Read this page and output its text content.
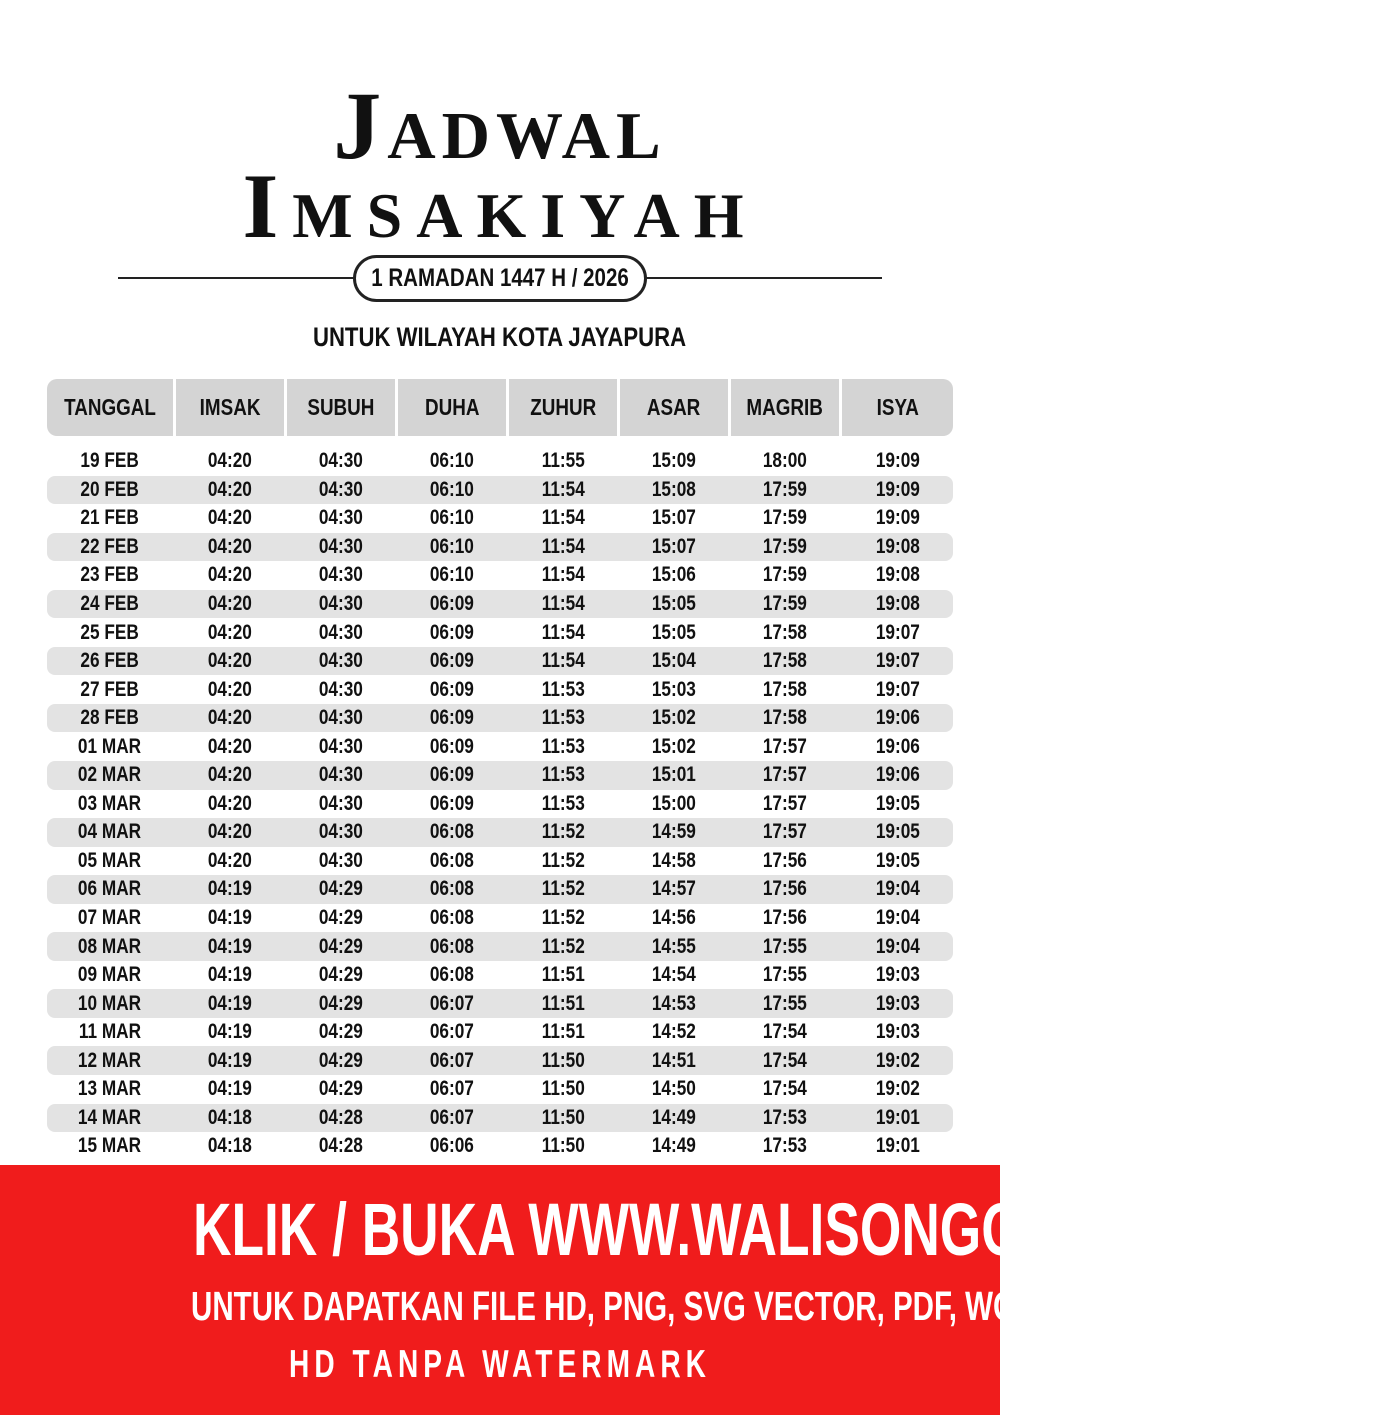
Jadwal
Imsakiyah
1 RAMADAN 1447 H / 2026
UNTUK WILAYAH KOTA JAYAPURA
TANGGAL IMSAK SUBUH DUHA ZUHUR ASAR MAGRIB ISYA
19 FEB	04:20	04:30	06:10	11:55	15:09	18:00	19:09
20 FEB	04:20	04:30	06:10	11:54	15:08	17:59	19:09
21 FEB	04:20	04:30	06:10	11:54	15:07	17:59	19:09
22 FEB	04:20	04:30	06:10	11:54	15:07	17:59	19:08
23 FEB	04:20	04:30	06:10	11:54	15:06	17:59	19:08
24 FEB	04:20	04:30	06:09	11:54	15:05	17:59	19:08
25 FEB	04:20	04:30	06:09	11:54	15:05	17:58	19:07
26 FEB	04:20	04:30	06:09	11:54	15:04	17:58	19:07
27 FEB	04:20	04:30	06:09	11:53	15:03	17:58	19:07
28 FEB	04:20	04:30	06:09	11:53	15:02	17:58	19:06
01 MAR	04:20	04:30	06:09	11:53	15:02	17:57	19:06
02 MAR	04:20	04:30	06:09	11:53	15:01	17:57	19:06
03 MAR	04:20	04:30	06:09	11:53	15:00	17:57	19:05
04 MAR	04:20	04:30	06:08	11:52	14:59	17:57	19:05
05 MAR	04:20	04:30	06:08	11:52	14:58	17:56	19:05
06 MAR	04:19	04:29	06:08	11:52	14:57	17:56	19:04
07 MAR	04:19	04:29	06:08	11:52	14:56	17:56	19:04
08 MAR	04:19	04:29	06:08	11:52	14:55	17:55	19:04
09 MAR	04:19	04:29	06:08	11:51	14:54	17:55	19:03
10 MAR	04:19	04:29	06:07	11:51	14:53	17:55	19:03
11 MAR	04:19	04:29	06:07	11:51	14:52	17:54	19:03
12 MAR	04:19	04:29	06:07	11:50	14:51	17:54	19:02
13 MAR	04:19	04:29	06:07	11:50	14:50	17:54	19:02
14 MAR	04:18	04:28	06:07	11:50	14:49	17:53	19:01
15 MAR	04:18	04:28	06:06	11:50	14:49	17:53	19:01
KLIK / BUKA WWW.WALISONGO.CO.ID
UNTUK DAPATKAN FILE HD, PNG, SVG VECTOR, PDF, WORD, EXCEL
HD TANPA WATERMARK
